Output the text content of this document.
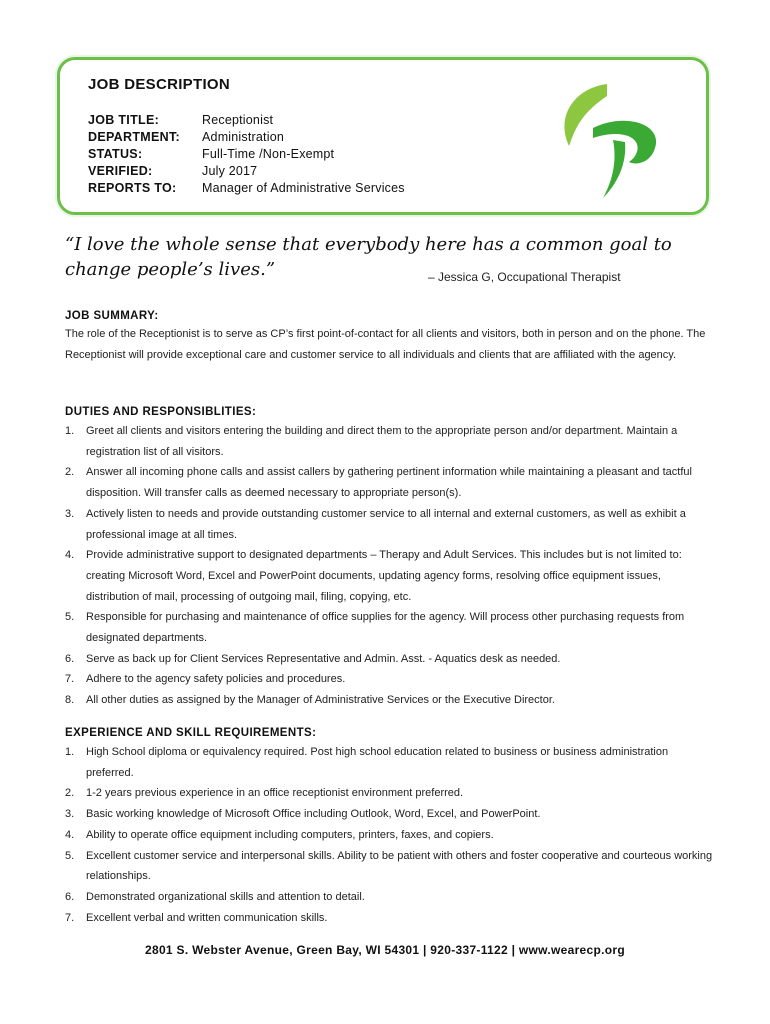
JOB DESCRIPTION
JOB TITLE:	Receptionist
DEPARTMENT:	Administration
STATUS:	Full-Time /Non-Exempt
VERIFIED:	July 2017
REPORTS TO:	Manager of Administrative Services
“I love the whole sense that everybody here has a common goal to change people’s lives.”	– Jessica G, Occupational Therapist
JOB SUMMARY:
The role of the Receptionist is to serve as CP’s first point-of-contact for all clients and visitors, both in person and on the phone. The Receptionist will provide exceptional care and customer service to all individuals and clients that are affiliated with the agency.
DUTIES AND RESPONSIBLITIES:
1. Greet all clients and visitors entering the building and direct them to the appropriate person and/or department. Maintain a registration list of all visitors.
2. Answer all incoming phone calls and assist callers by gathering pertinent information while maintaining a pleasant and tactful disposition. Will transfer calls as deemed necessary to appropriate person(s).
3. Actively listen to needs and provide outstanding customer service to all internal and external customers, as well as exhibit a professional image at all times.
4. Provide administrative support to designated departments – Therapy and Adult Services. This includes but is not limited to: creating Microsoft Word, Excel and PowerPoint documents, updating agency forms, resolving office equipment issues, distribution of mail, processing of outgoing mail, filing, copying, etc.
5. Responsible for purchasing and maintenance of office supplies for the agency. Will process other purchasing requests from designated departments.
6. Serve as back up for Client Services Representative and Admin. Asst. - Aquatics desk as needed.
7. Adhere to the agency safety policies and procedures.
8. All other duties as assigned by the Manager of Administrative Services or the Executive Director.
EXPERIENCE AND SKILL REQUIREMENTS:
1. High School diploma or equivalency required. Post high school education related to business or business administration preferred.
2. 1-2 years previous experience in an office receptionist environment preferred.
3. Basic working knowledge of Microsoft Office including Outlook, Word, Excel, and PowerPoint.
4. Ability to operate office equipment including computers, printers, faxes, and copiers.
5. Excellent customer service and interpersonal skills. Ability to be patient with others and foster cooperative and courteous working relationships.
6. Demonstrated organizational skills and attention to detail.
7. Excellent verbal and written communication skills.
2801 S. Webster Avenue, Green Bay, WI 54301 | 920-337-1122 | www.wearecp.org
